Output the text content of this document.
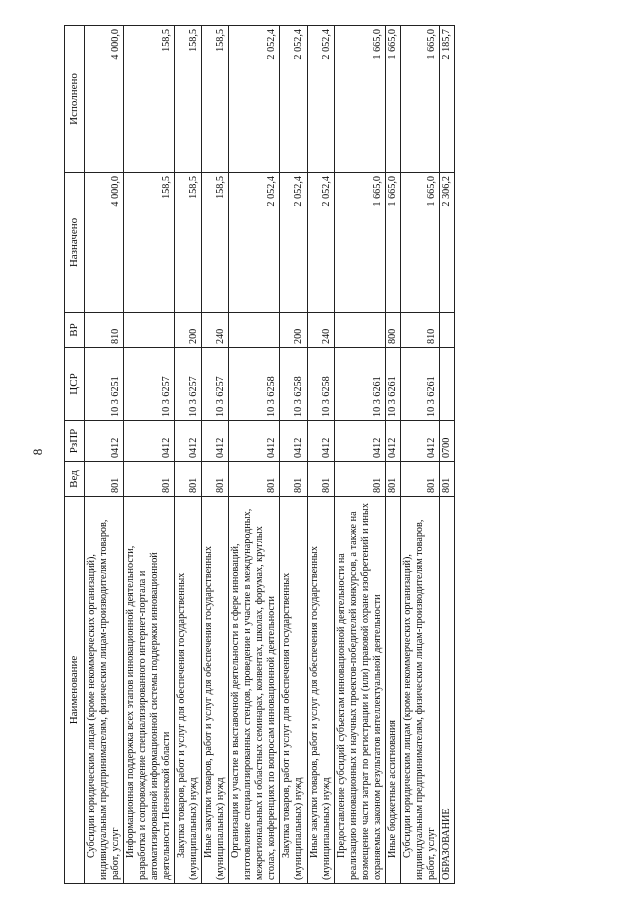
8
Наименование	Вед	РзПР	ЦСР	ВР	Назначено	Исполнено

Субсидии юридическим лицам (кроме некоммерческих организаций), индивидуальным предпринимателям, физическим лицам-производителям товаров, работ, услуг	801	0412	10 3 6251	810	4 000,0	4 000,0

Информационная поддержка всех этапов инновационной деятельности, разработка и сопровождение специализированного интернет-портала и автоматизированной информационной системы поддержки инновационной деятельности Пензенской области	801	0412	10 3 6257		158,5	158,5

Закупка товаров, работ и услуг для обеспечения государственных (муниципальных) нужд	801	0412	10 3 6257	200	158,5	158,5

Иные закупки товаров, работ и услуг для обеспечения государственных (муниципальных) нужд	801	0412	10 3 6257	240	158,5	158,5

Организация и участие в выставочной деятельности в сфере инноваций, изготовление специализированных стендов, проведение и участие в международных, межрегиональных и областных семинарах, конвентах, школах, форумах, круглых столах, конференциях по вопросам инновационной деятельности	801	0412	10 3 6258		2 052,4	2 052,4

Закупка товаров, работ и услуг для обеспечения государственных (муниципальных) нужд	801	0412	10 3 6258	200	2 052,4	2 052,4

Иные закупки товаров, работ и услуг для обеспечения государственных (муниципальных) нужд	801	0412	10 3 6258	240	2 052,4	2 052,4

Предоставление субсидий субъектам инновационной деятельности на реализацию инновационных и научных проектов-победителей конкурсов, а также на возмещение части затрат по регистрации и (или) правовой охране изобретений и иных охраняемых законом результатов интеллектуальной деятельности	801	0412	10 3 6261		1 665,0	1 665,0

Иные бюджетные ассигнования	801	0412	10 3 6261	800	1 665,0	1 665,0

Субсидии юридическим лицам (кроме некоммерческих организаций), индивидуальным предпринимателям, физическим лицам-производителям товаров, работ, услуг	801	0412	10 3 6261	810	1 665,0	1 665,0

ОБРАЗОВАНИЕ	801	0700			2 306,2	2 185,7
